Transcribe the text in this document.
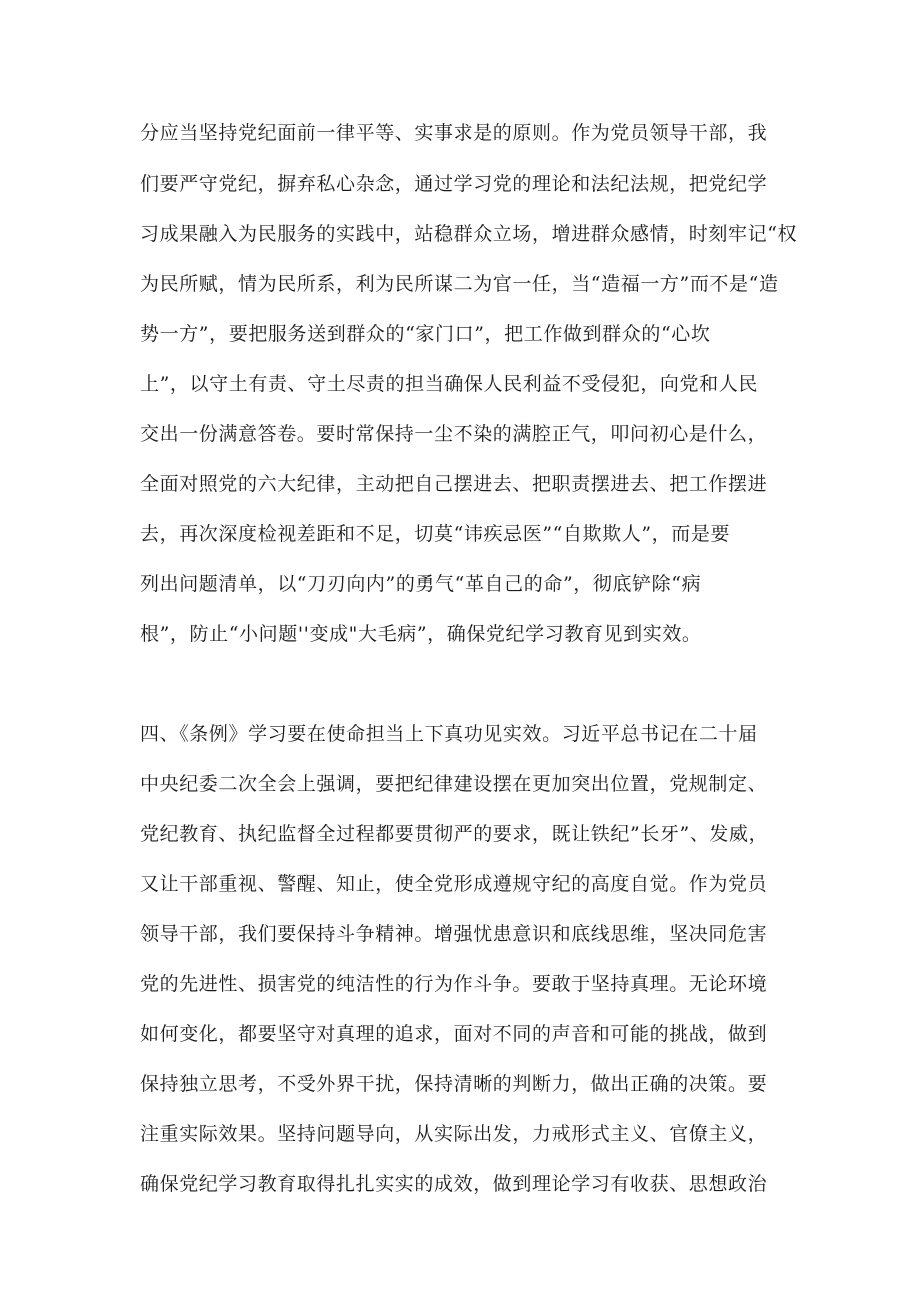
分应当坚持党纪面前一律平等、实事求是的原则。作为党员领导干部，我
们要严守党纪，摒弃私心杂念，通过学习党的理论和法纪法规，把党纪学
习成果融入为民服务的实践中，站稳群众立场，增进群众感情，时刻牢记“权
为民所赋，情为民所系，利为民所谋二为官一任，当“造福一方”而不是“造
势一方”，要把服务送到群众的“家门口”，把工作做到群众的“心坎
上”，以守土有责、守土尽责的担当确保人民利益不受侵犯，向党和人民
交出一份满意答卷。要时常保持一尘不染的满腔正气，叩问初心是什么，
全面对照党的六大纪律，主动把自己摆进去、把职责摆进去、把工作摆进
去，再次深度检视差距和不足，切莫“讳疾忌医”“自欺欺人”，而是要
列出问题清单，以“刀刃向内”的勇气“革自己的命”，彻底铲除“病
根”，防止“小问题''变成"大毛病”，确保党纪学习教育见到实效。
四、《条例》学习要在使命担当上下真功见实效。习近平总书记在二十届
中央纪委二次全会上强调，要把纪律建设摆在更加突出位置，党规制定、
党纪教育、执纪监督全过程都要贯彻严的要求，既让铁纪”长牙”、发威，
又让干部重视、警醒、知止，使全党形成遵规守纪的高度自觉。作为党员
领导干部，我们要保持斗争精神。增强忧患意识和底线思维，坚决同危害
党的先进性、损害党的纯洁性的行为作斗争。要敢于坚持真理。无论环境
如何变化，都要坚守对真理的追求，面对不同的声音和可能的挑战，做到
保持独立思考，不受外界干扰，保持清晰的判断力，做出正确的决策。要
注重实际效果。坚持问题导向，从实际出发，力戒形式主义、官僚主义，
确保党纪学习教育取得扎扎实实的成效，做到理论学习有收获、思想政治
